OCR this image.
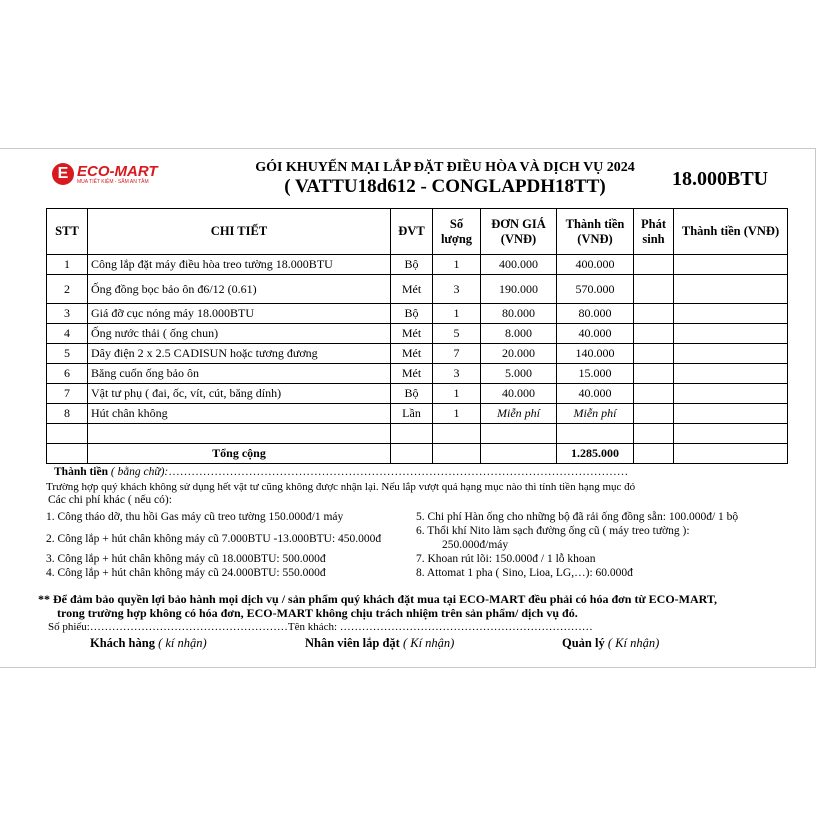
E ECO-MART
MUA TIẾT KIỆM - SẮM AN TÂM
GÓI KHUYẾN MẠI LẮP ĐẶT ĐIỀU HÒA VÀ DỊCH VỤ 2024
( VATTU18d612 - CONGLAPDH18TT)	18.000BTU
STT	CHI TIẾT	ĐVT	Số lượng	ĐƠN GIÁ (VNĐ)	Thành tiền (VNĐ)	Phát sinh	Thành tiền (VNĐ)
1	Công lắp đặt máy điều hòa treo tường 18.000BTU	Bộ	1	400.000	400.000		
2	Ống đồng bọc bảo ôn đ6/12 (0.61)	Mét	3	190.000	570.000		
3	Giá đỡ cục nóng máy 18.000BTU	Bộ	1	80.000	80.000		
4	Ống nước thải ( ống chun)	Mét	5	8.000	40.000		
5	Dây điện 2 x 2.5 CADISUN hoặc tương đương	Mét	7	20.000	140.000		
6	Băng cuốn ống bảo ôn	Mét	3	5.000	15.000		
7	Vật tư phụ ( đai, ốc, vít, cút, băng dính)	Bộ	1	40.000	40.000		
8	Hút chân không	Lần	1	Miễn phí	Miễn phí		

	Tổng cộng				1.285.000		
Thành tiền ( bằng chữ):…………………………………………………………………………………………………………
Trường hợp quý khách không sử dụng hết vật tư cũng không được nhận lại. Nếu lắp vượt quá hạng mục nào thì tính tiền hạng mục đó
Các chi phí khác ( nếu có):
1. Công tháo dỡ, thu hồi Gas máy cũ treo tường 150.000đ/1 máy
2. Công lắp + hút chân không máy cũ 7.000BTU -13.000BTU: 450.000đ
3. Công lắp + hút chân không máy cũ 18.000BTU: 500.000đ
4. Công lắp + hút chân không máy cũ 24.000BTU: 550.000đ
5. Chi phí Hàn ống cho những bộ đã rải ống đồng sẵn: 100.000đ/ 1 bộ
6. Thổi khí Nito làm sạch đường ống cũ ( máy treo tường ):
250.000đ/máy
7. Khoan rút lõi: 150.000đ / 1 lỗ khoan
8. Attomat 1 pha ( Sino, Lioa, LG,…): 60.000đ
** Để đảm bảo quyền lợi bảo hành mọi dịch vụ / sản phẩm quý khách đặt mua tại ECO-MART đều phải có hóa đơn từ ECO-MART,
trong trường hợp không có hóa đơn, ECO-MART không chịu trách nhiệm trên sản phẩm/ dịch vụ đó.
Số phiếu:………………………………………………Tên khách: ……………………………………………………………
Khách hàng ( kí nhận)	Nhân viên lắp đặt ( Kí nhận)	Quản lý ( Kí nhận)
